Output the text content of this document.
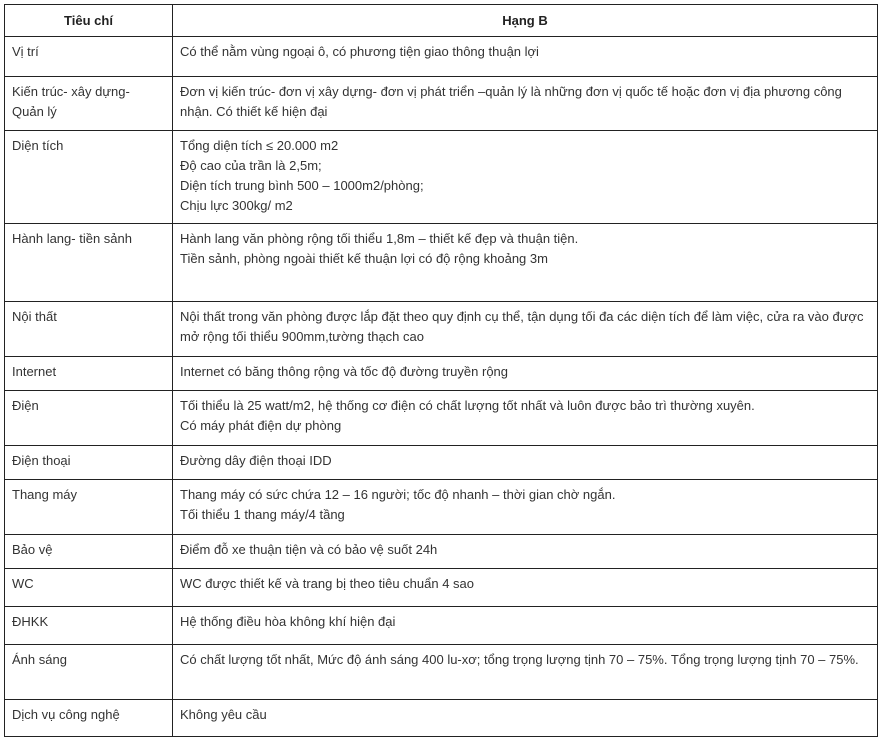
Tiêu chí	Hạng B
Vị trí	Có thể nằm vùng ngoại ô, có phương tiện giao thông thuận lợi

Kiến trúc- xây dựng- Quản lý	Đơn vị kiến trúc- đơn vị xây dựng- đơn vị phát triển –quản lý là những đơn vị quốc tế hoặc đơn vị địa phương công nhận. Có thiết kế hiện đại

Diện tích	Tổng diện tích ≤ 20.000 m2
Độ cao của trần là 2,5m;
Diện tích trung bình 500 – 1000m2/phòng;
Chịu lực 300kg/ m2

Hành lang- tiền sảnh	Hành lang văn phòng rộng tối thiểu 1,8m – thiết kế đẹp và thuận tiện.
Tiền sảnh, phòng ngoài thiết kế thuận lợi có độ rộng khoảng 3m

Nội thất	Nội thất trong văn phòng được lắp đặt theo quy định cụ thể, tận dụng tối đa các diện tích để làm việc, cửa ra vào được mở rộng tối thiểu 900mm,tường thạch cao

Internet	Internet có băng thông rộng và tốc độ đường truyền rộng

Điện	Tối thiểu là 25 watt/m2, hệ thống cơ điện có chất lượng tốt nhất và luôn được bảo trì thường xuyên.
Có máy phát điện dự phòng

Điện thoại	Đường dây điện thoại IDD

Thang máy	Thang máy có sức chứa 12 – 16 người; tốc độ nhanh – thời gian chờ ngắn.
Tối thiểu 1 thang máy/4 tầng

Bảo vệ	Điểm đỗ xe thuận tiện và có bảo vệ suốt 24h

WC	WC được thiết kế và trang bị theo tiêu chuẩn 4 sao

ĐHKK	Hệ thống điều hòa không khí hiện đại

Ánh sáng	Có chất lượng tốt nhất, Mức độ ánh sáng 400 lu-xơ; tổng trọng lượng tịnh 70 – 75%. Tổng trọng lượng tịnh 70 – 75%.

Dịch vụ công nghệ	Không yêu cầu
